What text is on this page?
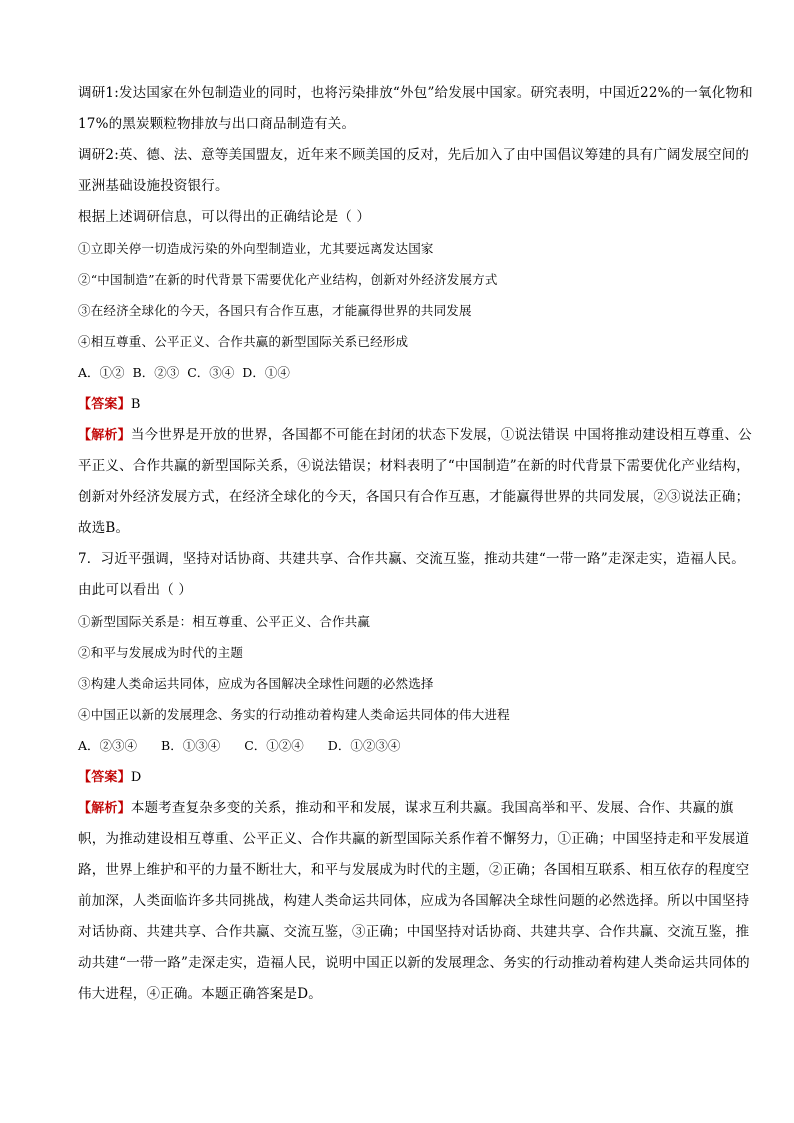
调研1:发达国家在外包制造业的同时，也将污染排放“外包”给发展中国家。研究表明，中国近22%的一氧化物和17%的黑炭颗粒物排放与出口商品制造有关。

调研2:英、德、法、意等美国盟友，近年来不顾美国的反对，先后加入了由中国倡议筹建的具有广阔发展空间的亚洲基础设施投资银行。

根据上述调研信息，可以得出的正确结论是（ ）

①立即关停一切造成污染的外向型制造业，尤其要远离发达国家

②“中国制造”在新的时代背景下需要优化产业结构，创新对外经济发展方式

③在经济全球化的今天，各国只有合作互惠，才能赢得世界的共同发展

④相互尊重、公平正义、合作共赢的新型国际关系已经形成

A．①② B．②③ C．③④ D．①④

【答案】B

【解析】当今世界是开放的世界，各国都不可能在封闭的状态下发展，①说法错误 中国将推动建设相互尊重、公平正义、合作共赢的新型国际关系，④说法错误；材料表明了“中国制造”在新的时代背景下需要优化产业结构，创新对外经济发展方式，在经济全球化的今天，各国只有合作互惠，才能赢得世界的共同发展，②③说法正确；故选B。

7．习近平强调，坚持对话协商、共建共享、合作共赢、交流互鉴，推动共建“一带一路”走深走实，造福人民。由此可以看出（ ）

①新型国际关系是：相互尊重、公平正义、合作共赢

②和平与发展成为时代的主题

③构建人类命运共同体，应成为各国解决全球性问题的必然选择

④中国正以新的发展理念、务实的行动推动着构建人类命运共同体的伟大进程

A．②③④ B．①③④ C．①②④ D．①②③④

【答案】D

【解析】本题考查复杂多变的关系，推动和平和发展，谋求互利共赢。我国高举和平、发展、合作、共赢的旗帜，为推动建设相互尊重、公平正义、合作共赢的新型国际关系作着不懈努力，①正确；中国坚持走和平发展道路，世界上维护和平的力量不断壮大，和平与发展成为时代的主题，②正确；各国相互联系、相互依存的程度空前加深，人类面临许多共同挑战，构建人类命运共同体，应成为各国解决全球性问题的必然选择。所以中国坚持对话协商、共建共享、合作共赢、交流互鉴，③正确；中国坚持对话协商、共建共享、合作共赢、交流互鉴，推动共建“一带一路”走深走实，造福人民，说明中国正以新的发展理念、务实的行动推动着构建人类命运共同体的伟大进程，④正确。本题正确答案是D。
